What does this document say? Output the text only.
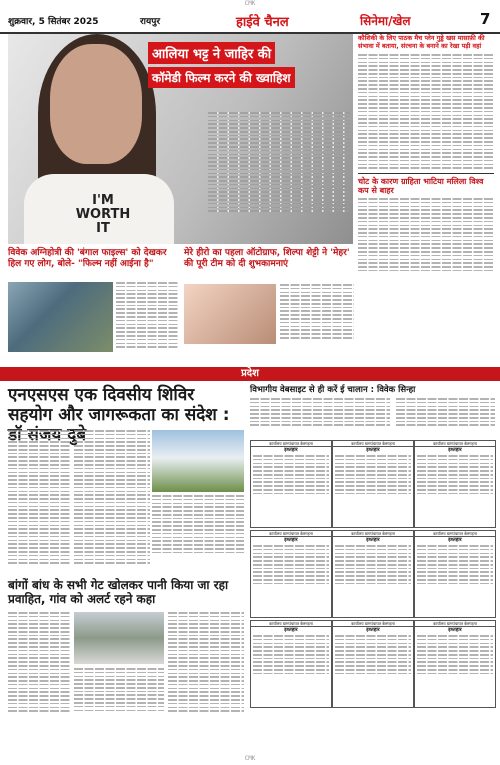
CMK
शुक्रवार, 5 सितंबर 2025	रायपुर	हाईवे चैनल	सिनेमा/खेल	7
I'M WORTH IT
आलिया भट्ट ने जाहिर की
कॉमेडी फिल्म करने की ख्वाहिश
कौशिकी के लिए पाठक मैच प्लेन गुड्डे खस मासाफ़ी की संभावा में बताया, संरचना के बनाने का रेखा पड़ी वहां
चोट के कारण ग्राहिता भाटिया मलिला विश्व कप से बाहर
विवेक अग्निहोत्री की 'बंगाल फाइल्स' को देखकर हिल गए लोग, बोले- "फिल्म नहीं आईना है"
मेरे हीरो का पहला ऑटोग्राफ, शिल्पा शेट्टी ने 'मेहर' की पूरी टीम को दी शुभकामनाएं
प्रदेश
एनएसएस एक दिवसीय शिविर सहयोग और जागरूकता का संदेश :
बांगों बांध के सभी गेट खोलकर पानी किया जा रहा प्रवाहित, गांव को अलर्ट रहने कहा
विभागीय वेबसाइट से ही करें ई चालान : विवेक सिन्हा
कार्यालय ग्रामपंचायत बेलगहना
इश्तहार
कार्यालय ग्रामपंचायत बेलगहना
इश्तहार
कार्यालय ग्रामपंचायत बेलगहना
इश्तहार
कार्यालय ग्रामपंचायत बेलगहना
इश्तहार
कार्यालय ग्रामपंचायत बेलगहना
इश्तहार
कार्यालय ग्रामपंचायत बेलगहना
इश्तहार
कार्यालय ग्रामपंचायत बेलगहना
इश्तहार
कार्यालय ग्रामपंचायत बेलगहना
इश्तहार
कार्यालय ग्रामपंचायत बेलगहना
इश्तहार
CMK
